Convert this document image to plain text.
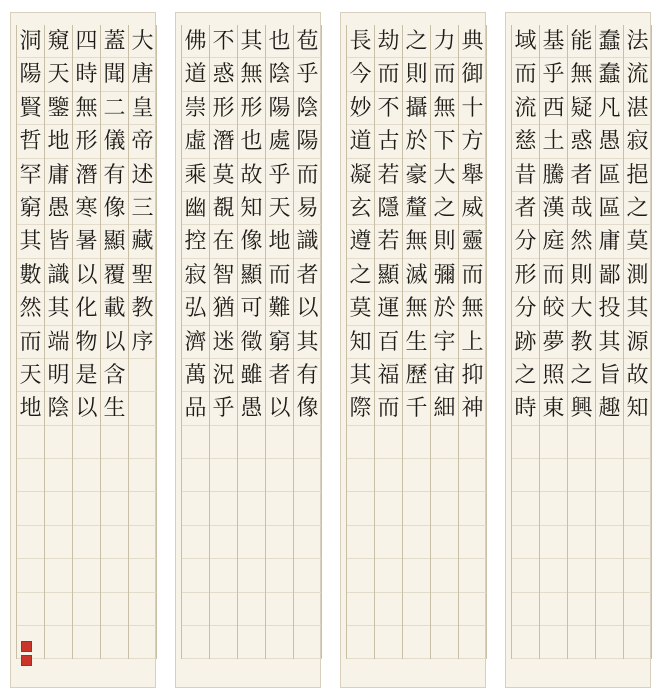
法
流
湛
寂
挹
之
莫
測
其
源
故
知
蠢
蠢
凡
愚
區
區
庸
鄙
投
其
旨
趣
能
無
疑
惑
者
哉
然
則
大
教
之
興
基
乎
西
土
騰
漢
庭
而
皎
夢
照
東
域
而
流
慈
昔
者
分
形
分
跡
之
時
典
御
十
方
舉
威
靈
而
無
上
抑
神
力
而
無
下
大
之
則
彌
於
宇
宙
細
之
則
攝
於
豪
釐
無
滅
無
生
歷
千
劫
而
不
古
若
隱
若
顯
運
百
福
而
長
今
妙
道
凝
玄
遵
之
莫
知
其
際
苞
乎
陰
陽
而
易
識
者
以
其
有
像
也
陰
陽
處
乎
天
地
而
難
窮
者
以
其
無
形
也
故
知
像
顯
可
徵
雖
愚
不
惑
形
潛
莫
覩
在
智
猶
迷
況
乎
佛
道
崇
虛
乘
幽
控
寂
弘
濟
萬
品
大
唐
皇
帝
述
三
藏
聖
教
序
蓋
聞
二
儀
有
像
顯
覆
載
以
含
生
四
時
無
形
潛
寒
暑
以
化
物
是
以
窺
天
鑒
地
庸
愚
皆
識
其
端
明
陰
洞
陽
賢
哲
罕
窮
其
數
然
而
天
地
